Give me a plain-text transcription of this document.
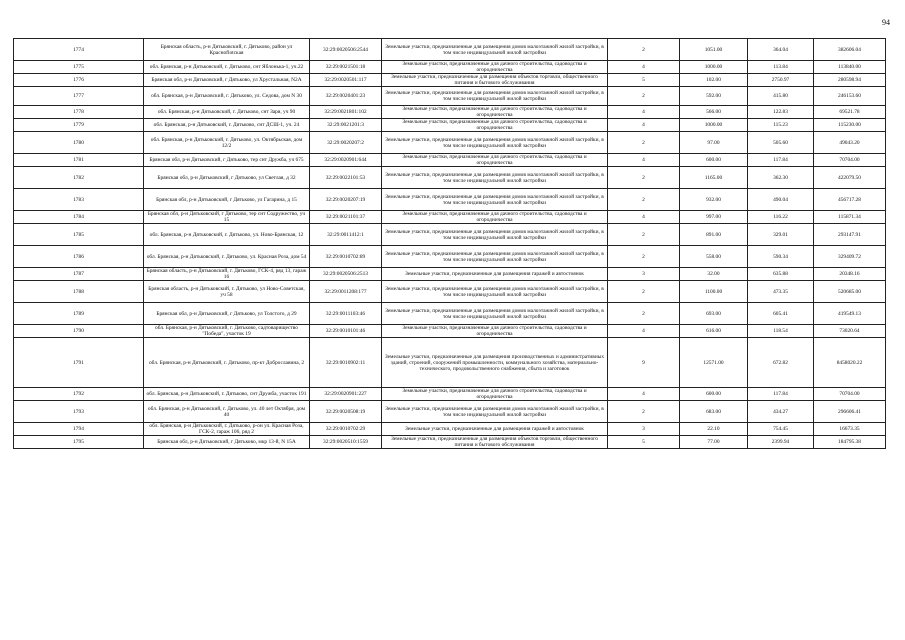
94
1774	Брянская область, р-н Дятьковский, г. Дятьково, район ул Красноflоtская	32:29:0020506:2544	Земельные участки, предназначенные для размещения домов малоэтажной жилой застройки, в том числе индивидуальной жилой застройки	2	1051.00	364.04	382606.04
1775	обл. Брянская, р-н Дятьковский, г. Дятьково, снт Яблонька-1, уч.22	32:29:0021501:18	Земельные участки, предназначенные для дачного строительства, садоводства и огородничества	4	1000.00	113.84	113840.00
1776	Брянская обл, р-н Дятьковский, г Дятьково, ул Хрустальная, N2А	32:29:0020501:117	Земельные участки, предназначенные для размещения объектов торговли, общественного питания и бытового обслуживания	5	102.00	2750.97	280598.94
1777	обл. Брянская, р-н Дятьковский, г. Дятьково, ул. Седова, дом N 30	32:29:0020401:23	Земельные участки, предназначенные для размещения домов малоэтажной жилой застройки, в том числе индивидуальной жилой застройки	2	592.00	415.80	246153.60
1778	обл. Брянская, р-н Дятьковский, г. Дятьково, снт Заря, уч 90	32:29:0021801:102	Земельные участки, предназначенные для дачного строительства, садоводства и огородничества	4	566.00	122.83	69521.78
1779	обл. Брянская, р-н Дятьковский, г. Дятьково, снт ДСШ-1, уч. 24	32:29:0021201:3	Земельные участки, предназначенные для дачного строительства, садоводства и огородничества	4	1000.00	115.23	115230.00
1780	обл. Брянская, р-н Дятьковский, г. Дятьково, ул. Октябрьская, дом 12/2	32:29:0020207:2	Земельные участки, предназначенные для размещения домов малоэтажной жилой застройки, в том числе индивидуальной жилой застройки	2	97.00	505.60	49043.20
1781	Брянская обл, р-н Дятьковский, г Дятьково, тер снт Дружба, уч 675	32:29:0020901:644	Земельные участки, предназначенные для дачного строительства, садоводства и огородничества	4	600.00	117.84	70704.00
1782	Брянская обл, р-н Дятьковский, г Дятьково, ул Светлая, д 32	32:29:0022101:53	Земельные участки, предназначенные для размещения домов малоэтажной жилой застройки, в том числе индивидуальной жилой застройки	2	1165.00	362.30	422079.50
1783	Брянская обл, р-н Дятьковский, г Дятьково, ул Гагарина, д 15	32:29:0020207:19	Земельные участки, предназначенные для размещения домов малоэтажной жилой застройки, в том числе индивидуальной жилой застройки	2	932.00	490.04	456717.28
1784	Брянская обл, р-н Дятьковский, г Дятьково, тер снт Содружество, уч 15	32:29:0021101:37	Земельные участки, предназначенные для дачного строительства, садоводства и огородничества	4	997.00	116.22	115871.34
1785	обл. Брянская, р-н Дятьковский, г. Дятьково, ул. Ново-Брянская, 12	32:29:0011412:1	Земельные участки, предназначенные для размещения домов малоэтажной жилой застройки, в том числе индивидуальной жилой застройки	2	891.00	329.01	293147.91
1786	обл. Брянская, р-н Дятьковский, г. Дятьково, ул. Красная Роза, дом 54	32:29:0010702:89	Земельные участки, предназначенные для размещения домов малоэтажной жилой застройки, в том числе индивидуальной жилой застройки	2	558.00	590.34	329409.72
1787	Брянская область, р-н Дятьковский, г. Дятьково, ГСК-4, ряд 13, гараж 16	32:29:0020506:2513	Земельные участки, предназначенные для размещения гаражей и автостоянок	3	32.00	635.88	20348.16
1788	Брянская область, р-н Дятьковский, г. Дятьково, ул Ново-Советская, уч 58	32:29:0011208:177	Земельные участки, предназначенные для размещения домов малоэтажной жилой застройки, в том числе индивидуальной жилой застройки	2	1100.00	473.35	520685.00
1789	Брянская обл, р-н Дятьковский, г Дятьково, ул Толстого, д 29	32:29:0011103:46	Земельные участки, предназначенные для размещения домов малоэтажной жилой застройки, в том числе индивидуальной жилой застройки	2	693.00	605.41	419549.13
1790	обл. Брянская, р-н Дятьковский, г. Дятьково, садтоварищество "Победа", участок 19	32:29:0010101:46	Земельные участки, предназначенные для дачного строительства, садоводства и огородничества	4	616.00	118.54	73020.64
1791	обл. Брянская, р-н Дятьковский, г. Дятьково, пр-кт Доброславина, 2	32:29:0010902:11	Земельные участки, предназначенные для размещения производственных и административных зданий, строений, сооружений промышленности, коммунального хозяйства, материально-технического, продовольственного снабжения, сбыта и заготовок	9	12571.00	672.82	8458020.22
1792	обл. Брянская, р-н Дятьковский, г. Дятьково, снт Дружба, участок 191	32:29:0020901:227	Земельные участки, предназначенные для дачного строительства, садоводства и огородничества	4	600.00	117.84	70704.00
1793	обл. Брянская, р-н Дятьковский, г. Дятьково, ул. 40 лет Октября, дом 40	32:29:0020508:19	Земельные участки, предназначенные для размещения домов малоэтажной жилой застройки, в том числе индивидуальной жилой застройки	2	683.00	434.27	296606.41
1794	обл. Брянская, р-н Дятьковский, г. Дятьково, р-он ул. Красная Роза, ГСК-2, гараж 106, ряд 2	32:29:0010702:29	Земельные участки, предназначенные для размещения гаражей и автостоянок	3	22.10	754.45	16673.35
1795	Брянская обл, р-н Дятьковский, г Дятьково, мкр 13-й, N 15А	32:29:0020510:1559	Земельные участки, предназначенные для размещения объектов торговли, общественного питания и бытового обслуживания	5	77.00	2399.94	184795.38
